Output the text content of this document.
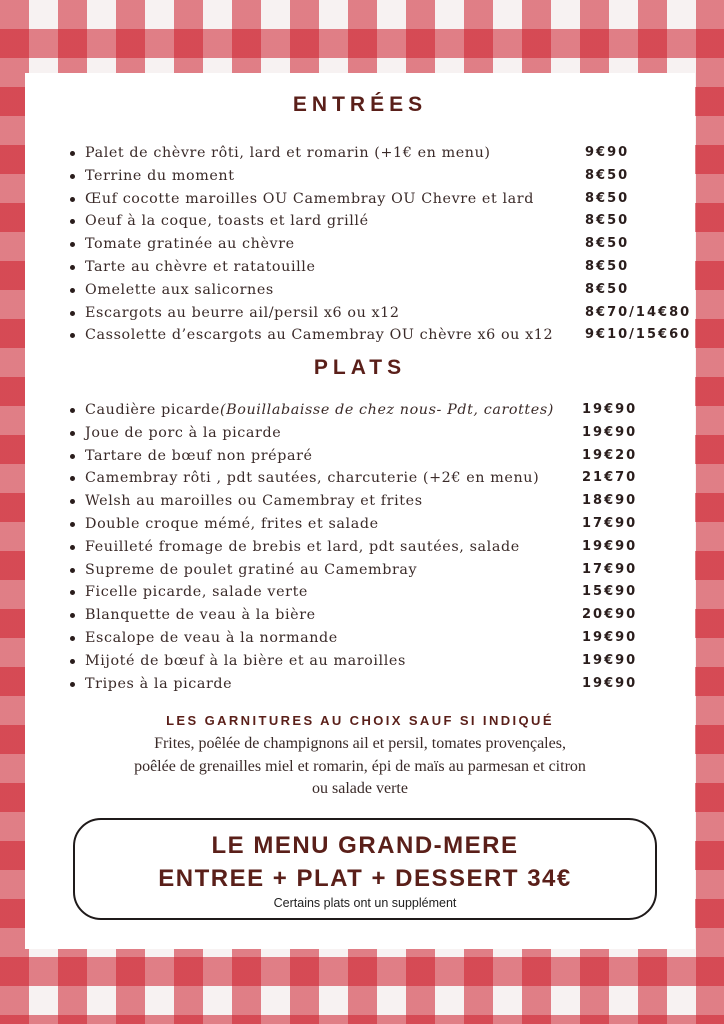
ENTRÉES
Palet de chèvre rôti, lard et romarin (+1€ en menu)	9€90
Terrine du moment	8€50
Œuf cocotte maroilles OU Camembray OU Chevre et lard	8€50
Oeuf à la coque, toasts et lard grillé	8€50
Tomate gratinée au chèvre	8€50
Tarte au chèvre et ratatouille	8€50
Omelette aux salicornes	8€50
Escargots au beurre ail/persil x6 ou x12	8€70/14€80
Cassolette d’escargots au Camembray OU chèvre x6 ou x12 9€10/15€60
PLATS
Caudière picarde(Bouillabaisse de chez nous- Pdt, carottes) 19€90
Joue de porc à la picarde	19€90
Tartare de bœuf non préparé	19€20
Camembray rôti , pdt sautées, charcuterie (+2€ en menu)	21€70
Welsh au maroilles ou Camembray et frites	18€90
Double croque mémé, frites et salade	17€90
Feuilleté fromage de brebis et lard, pdt sautées, salade	19€90
Supreme de poulet gratiné au Camembray	17€90
Ficelle picarde, salade verte	15€90
Blanquette de veau à la bière	20€90
Escalope de veau à la normande	19€90
Mijoté de bœuf à la bière et au maroilles	19€90
Tripes à la picarde	19€90
LES GARNITURES AU CHOIX SAUF SI INDIQUÉ
Frites, poêlée de champignons ail et persil, tomates provençales,
poêlée de grenailles miel et romarin, épi de maïs au parmesan et citron
ou salade verte
LE MENU GRAND-MERE
ENTREE + PLAT + DESSERT 34€
Certains plats ont un supplément
